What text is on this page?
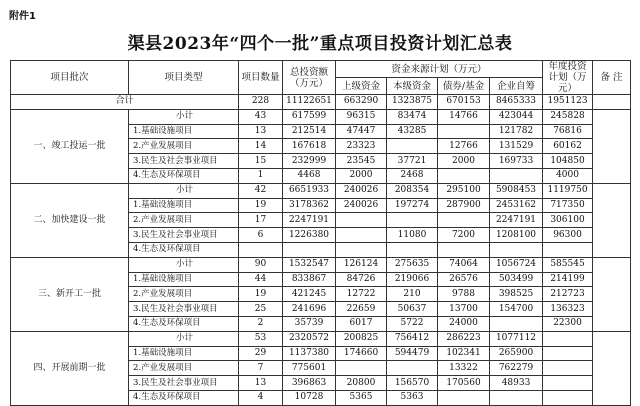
附件1
渠县2023年“四个一批”重点项目投资计划汇总表
项目批次	项目类型	项目数量	总投资额（万元）	资金来源计划（万元）				年度投资计划（万元）	备 注
				上级资金	本级资金	债券/基金	企业自筹		
合计		228	11122651	663290	1323875	670153	8465333	1951123	
一、竣工投运一批	小计	43	617599	96315	83474	14766	423044	245828	
	1.基础设施项目	13	212514	47447	43285		121782	76816	
	2.产业发展项目	14	167618	23323		12766	131529	60162	
	3.民生及社会事业项目	15	232999	23545	37721	2000	169733	104850	
	4.生态及环保项目	1	4468	2000	2468			4000	
二、加快建设一批	小计	42	6651933	240026	208354	295100	5908453	1119750	
	1.基础设施项目	19	3178362	240026	197274	287900	2453162	717350	
	2.产业发展项目	17	2247191				2247191	306100	
	3.民生及社会事业项目	6	1226380		11080	7200	1208100	96300	
	4.生态及环保项目								
三、新开工一批	小计	90	1532547	126124	275635	74064	1056724	585545	
	1.基础设施项目	44	833867	84726	219066	26576	503499	214199	
	2.产业发展项目	19	421245	12722	210	9788	398525	212723	
	3.民生及社会事业项目	25	241696	22659	50637	13700	154700	136323	
	4.生态及环保项目	2	35739	6017	5722	24000		22300	
四、开展前期一批	小计	53	2320572	200825	756412	286223	1077112		
	1.基础设施项目	29	1137380	174660	594479	102341	265900		
	2.产业发展项目	7	775601			13322	762279		
	3.民生及社会事业项目	13	396863	20800	156570	170560	48933		
	4.生态及环保项目	4	10728	5365	5363				
